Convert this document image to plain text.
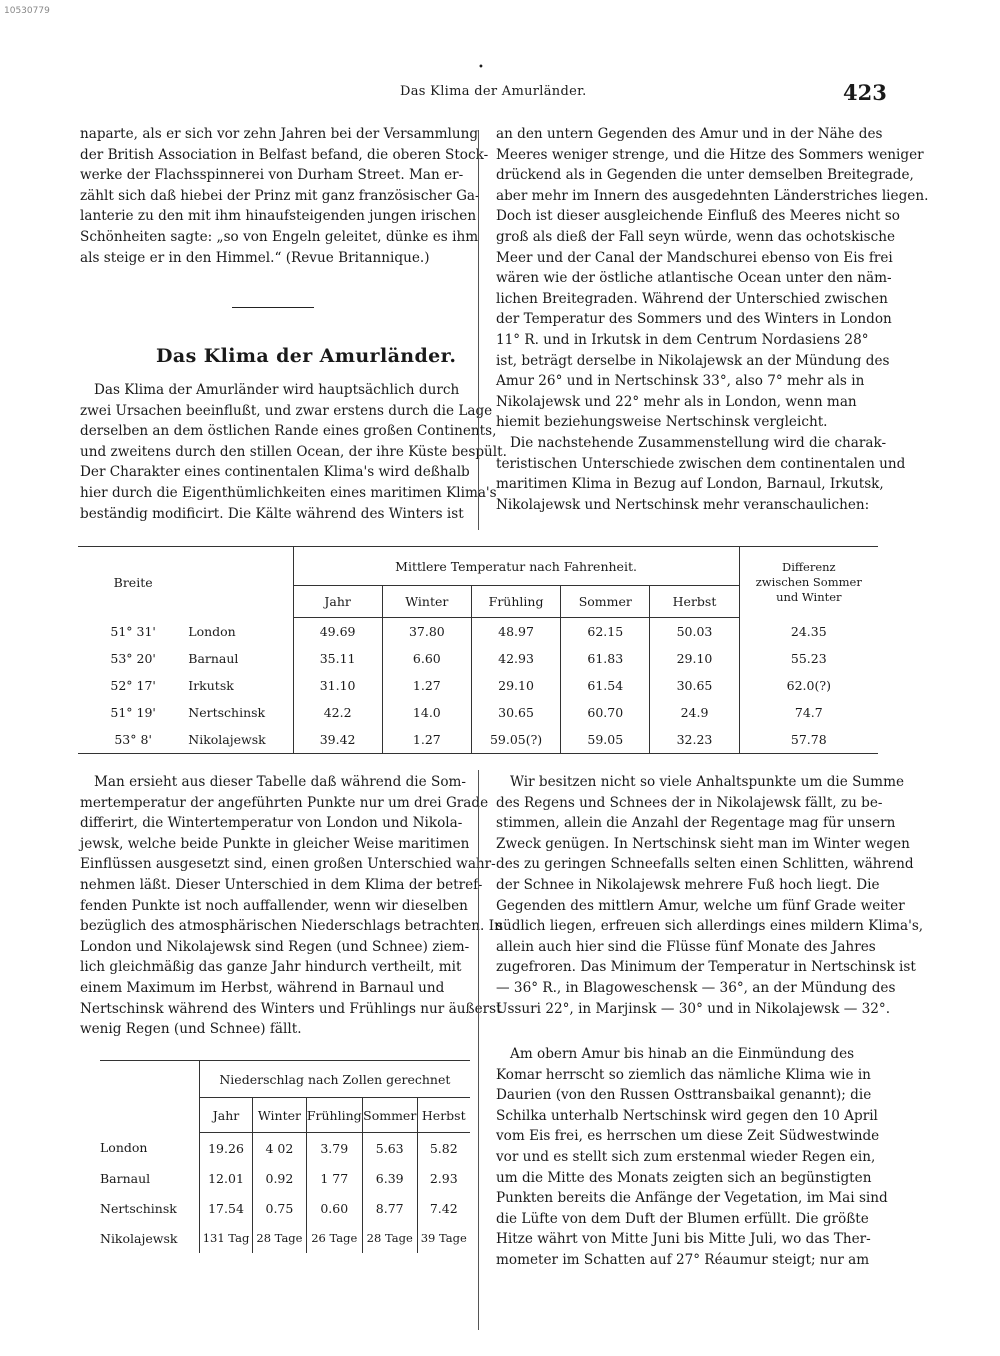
10530779
•
Das Klima der Amurländer.	423
naparte, als er sich vor zehn Jahren bei der Versammlung
der British Association in Belfast befand, die oberen Stock-
werke der Flachsspinnerei von Durham Street. Man er-
zählt sich daß hiebei der Prinz mit ganz französischer Ga-
lanterie zu den mit ihm hinaufsteigenden jungen irischen
Schönheiten sagte: „so von Engeln geleitet, dünke es ihm
als steige er in den Himmel.“ (Revue Britannique.)
Das Klima der Amurländer.
Das Klima der Amurländer wird hauptsächlich durch
zwei Ursachen beeinflußt, und zwar erstens durch die Lage
derselben an dem östlichen Rande eines großen Continents,
und zweitens durch den stillen Ocean, der ihre Küste bespült.
Der Charakter eines continentalen Klima's wird deßhalb
hier durch die Eigenthümlichkeiten eines maritimen Klima's
beständig modificirt. Die Kälte während des Winters ist
an den untern Gegenden des Amur und in der Nähe des
Meeres weniger strenge, und die Hitze des Sommers weniger
drückend als in Gegenden die unter demselben Breitegrade,
aber mehr im Innern des ausgedehnten Länderstriches liegen.
Doch ist dieser ausgleichende Einfluß des Meeres nicht so
groß als dieß der Fall seyn würde, wenn das ochotskische
Meer und der Canal der Mandschurei ebenso von Eis frei
wären wie der östliche atlantische Ocean unter den näm-
lichen Breitegraden. Während der Unterschied zwischen
der Temperatur des Sommers und des Winters in London
11° R. und in Irkutsk in dem Centrum Nordasiens 28°
ist, beträgt derselbe in Nikolajewsk an der Mündung des
Amur 26° und in Nertschinsk 33°, also 7° mehr als in
Nikolajewsk und 22° mehr als in London, wenn man
hiemit beziehungsweise Nertschinsk vergleicht.
Die nachstehende Zusammenstellung wird die charak-
teristischen Unterschiede zwischen dem continentalen und
maritimen Klima in Bezug auf London, Barnaul, Irkutsk,
Nikolajewsk und Nertschinsk mehr veranschaulichen:
Breite		Mittlere Temperatur nach Fahrenheit.					Differenz
zwischen Sommer
und Winter
		Jahr	Winter	Frühling	Sommer	Herbst	
51° 31'	London	49.69	37.80	48.97	62.15	50.03	24.35
53° 20'	Barnaul	35.11	6.60	42.93	61.83	29.10	55.23
52° 17'	Irkutsk	31.10	1.27	29.10	61.54	30.65	62.0(?)
51° 19'	Nertschinsk	42.2	14.0	30.65	60.70	24.9	74.7
53° 8'	Nikolajewsk	39.42	1.27	59.05(?)	59.05	32.23	57.78
Man ersieht aus dieser Tabelle daß während die Som-
mertemperatur der angeführten Punkte nur um drei Grade
differirt, die Wintertemperatur von London und Nikola-
jewsk, welche beide Punkte in gleicher Weise maritimen
Einflüssen ausgesetzt sind, einen großen Unterschied wahr-
nehmen läßt. Dieser Unterschied in dem Klima der betref-
fenden Punkte ist noch auffallender, wenn wir dieselben
bezüglich des atmosphärischen Niederschlags betrachten. In
London und Nikolajewsk sind Regen (und Schnee) ziem-
lich gleichmäßig das ganze Jahr hindurch vertheilt, mit
einem Maximum im Herbst, während in Barnaul und
Nertschinsk während des Winters und Frühlings nur äußerst
wenig Regen (und Schnee) fällt.
	Niederschlag nach Zollen gerechnet				
	Jahr	Winter	Frühling	Sommer	Herbst
London	19.26	4 02	3.79	5.63	5.82
Barnaul	12.01	0.92	1 77	6.39	2.93
Nertschinsk	17.54	0.75	0.60	8.77	7.42
Nikolajewsk	131 Tag	28 Tage	26 Tage	28 Tage	39 Tage
Wir besitzen nicht so viele Anhaltspunkte um die Summe
des Regens und Schnees der in Nikolajewsk fällt, zu be-
stimmen, allein die Anzahl der Regentage mag für unsern
Zweck genügen. In Nertschinsk sieht man im Winter wegen
des zu geringen Schneefalls selten einen Schlitten, während
der Schnee in Nikolajewsk mehrere Fuß hoch liegt. Die
Gegenden des mittlern Amur, welche um fünf Grade weiter
südlich liegen, erfreuen sich allerdings eines mildern Klima's,
allein auch hier sind die Flüsse fünf Monate des Jahres
zugefroren. Das Minimum der Temperatur in Nertschinsk ist
— 36° R., in Blagoweschensk — 36°, an der Mündung des
Ussuri 22°, in Marjinsk — 30° und in Nikolajewsk — 32°.
Am obern Amur bis hinab an die Einmündung des
Komar herrscht so ziemlich das nämliche Klima wie in
Daurien (von den Russen Osttransbaikal genannt); die
Schilka unterhalb Nertschinsk wird gegen den 10 April
vom Eis frei, es herrschen um diese Zeit Südwestwinde
vor und es stellt sich zum erstenmal wieder Regen ein,
um die Mitte des Monats zeigten sich an begünstigten
Punkten bereits die Anfänge der Vegetation, im Mai sind
die Lüfte von dem Duft der Blumen erfüllt. Die größte
Hitze währt von Mitte Juni bis Mitte Juli, wo das Ther-
mometer im Schatten auf 27° Réaumur steigt; nur am
